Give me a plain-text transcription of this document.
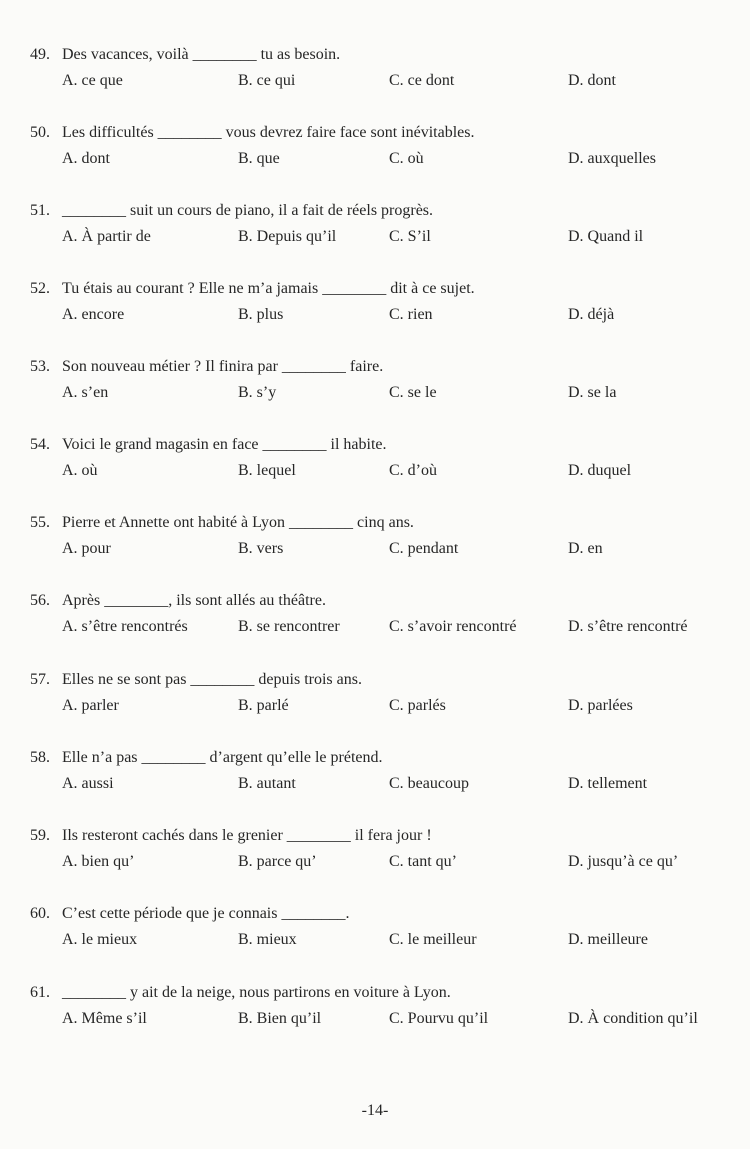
49. Des vacances, voilà ________ tu as besoin.
A. ce que	B. ce qui	C. ce dont	D. dont
50. Les difficultés ________ vous devrez faire face sont inévitables.
A. dont	B. que	C. où	D. auxquelles
51. ________ suit un cours de piano, il a fait de réels progrès.
A. À partir de	B. Depuis qu’il	C. S’il	D. Quand il
52. Tu étais au courant ? Elle ne m’a jamais ________ dit à ce sujet.
A. encore	B. plus	C. rien	D. déjà
53. Son nouveau métier ? Il finira par ________ faire.
A. s’en	B. s’y	C. se le	D. se la
54. Voici le grand magasin en face ________ il habite.
A. où	B. lequel	C. d’où	D. duquel
55. Pierre et Annette ont habité à Lyon ________ cinq ans.
A. pour	B. vers	C. pendant	D. en
56. Après ________, ils sont allés au théâtre.
A. s’être rencontrés	B. se rencontrer	C. s’avoir rencontré	D. s’être rencontré
57. Elles ne se sont pas ________ depuis trois ans.
A. parler	B. parlé	C. parlés	D. parlées
58. Elle n’a pas ________ d’argent qu’elle le prétend.
A. aussi	B. autant	C. beaucoup	D. tellement
59. Ils resteront cachés dans le grenier ________ il fera jour !
A. bien qu’	B. parce qu’	C. tant qu’	D. jusqu’à ce qu’
60. C’est cette période que je connais ________.
A. le mieux	B. mieux	C. le meilleur	D. meilleure
61. ________ y ait de la neige, nous partirons en voiture à Lyon.
A. Même s’il	B. Bien qu’il	C. Pourvu qu’il	D. À condition qu’il
-14-
